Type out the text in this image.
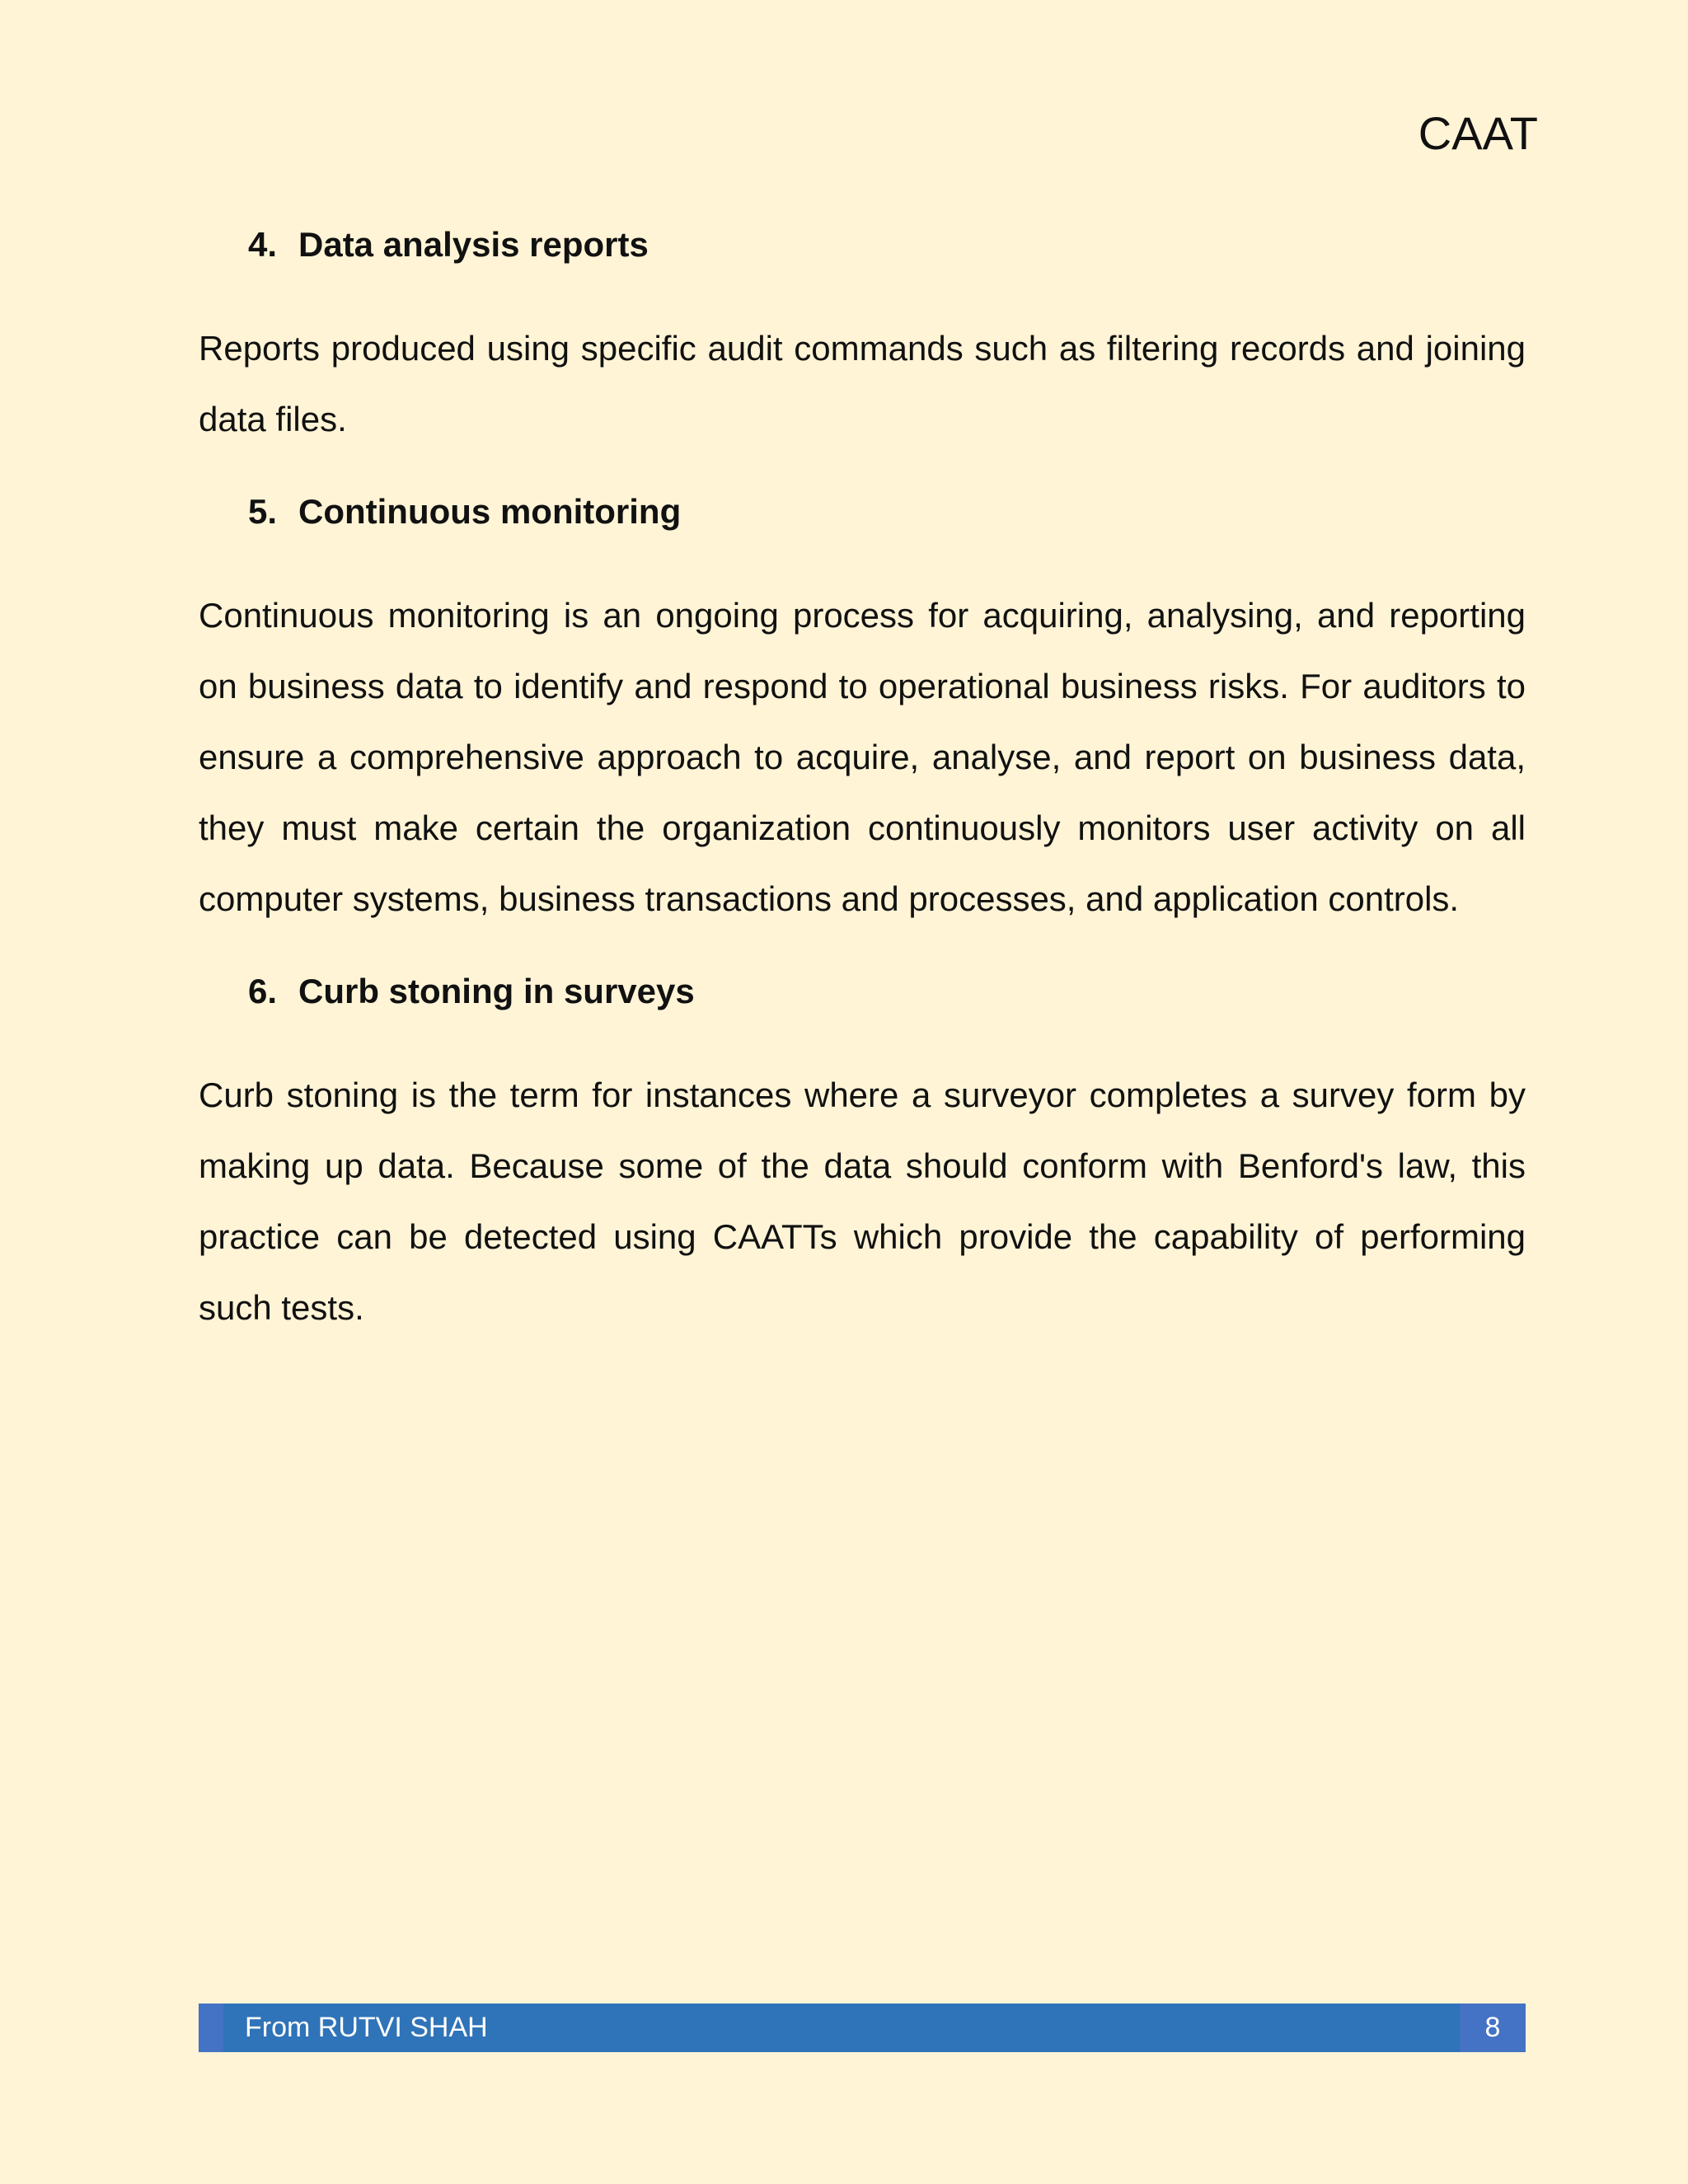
CAAT
4. Data analysis reports

Reports produced using specific audit commands such as filtering records and joining data files.

5. Continuous monitoring

Continuous monitoring is an ongoing process for acquiring, analysing, and reporting on business data to identify and respond to operational business risks. For auditors to ensure a comprehensive approach to acquire, analyse, and report on business data, they must make certain the organization continuously monitors user activity on all computer systems, business transactions and processes, and application controls.

6. Curb stoning in surveys

Curb stoning is the term for instances where a surveyor completes a survey form by making up data. Because some of the data should conform with Benford's law, this practice can be detected using CAATTs which provide the capability of performing such tests.

From RUTVI SHAH	8
